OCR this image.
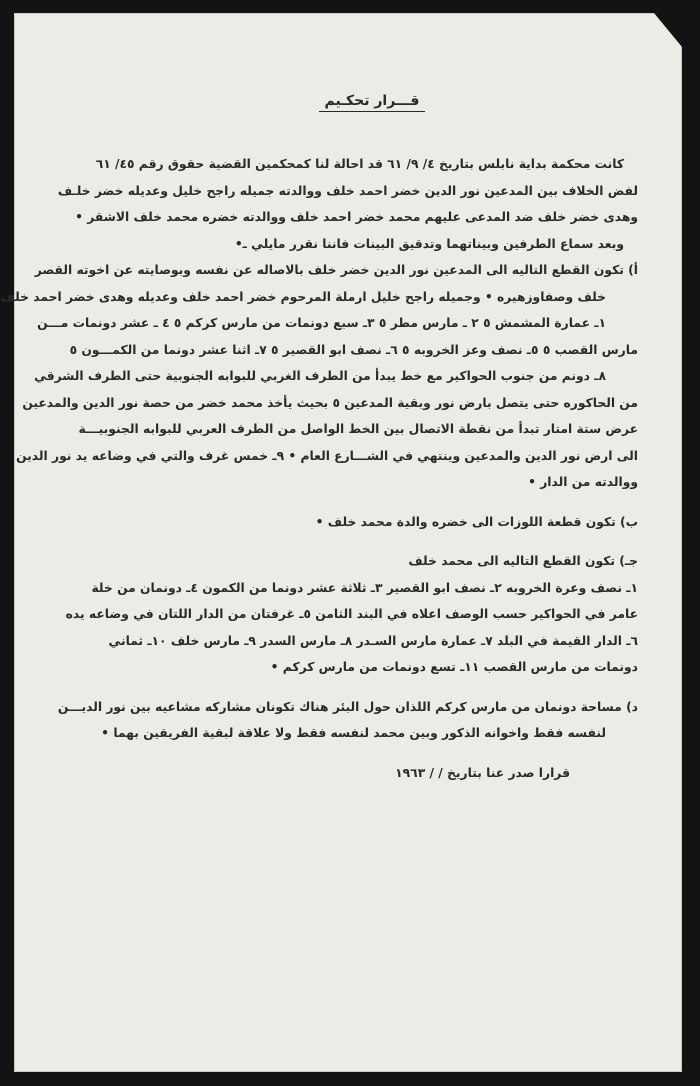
قـــرار تحكـيم
كانت محكمة بداية نابلس بتاريخ ٤/ ٩/ ٦١ قد احالة لنا كمحكمين القضية حقوق رقم ٤٥/ ٦١
لفض الخلاف بين المدعين نور الدين خضر احمد خلف ووالدته جميله راجح خليل وعديله خضر خلـف
وهدى خضر خلف ضد المدعى عليهم محمد خضر احمد خلف ووالدته خضره محمد خلف الاشقر •
وبعد سماع الطرفين وبيناتهما وتدقيق البينات فاننا نقرر مايلي ـ•
أ) تكون القطع التاليه الى المدعين نور الدين خضر خلف بالاصاله عن نفسه وبوصايته عن اخوته القصر
خلف وصفاوزهيره • وجميله راجح خليل ارملة المرحوم خضر احمد خلف وعديله وهدى خضر احمد خلف
١ـ عمارة المشمش ٥ ٢ ـ مارس مطر ٥ ٣ـ سبع دونمات من مارس كركم ٥ ٤ ـ عشر دونمات مـــن
مارس القصب ٥ ٥ـ نصف وعز الخروبه ٥ ٦ـ نصف ابو القصير ٥ ٧ـ اثنا عشر دونما من الكمـــون ٥
٨ـ دونم من جنوب الحواكير مع خط يبدأ من الطرف الغربي للبوابه الجنوبية حتى الطرف الشرقي
من الحاكوره حتى يتصل بارض نور وبقية المدعين ٥ بحيث يأخذ محمد خضر من حصة نور الدين والمدعين
عرض ستة امتار تبدأ من نقطة الاتصال بين الخط الواصل من الطرف العربي للبوابه الجنوبيـــة
الى ارض نور الدين والمدعين وينتهي في الشـــارع العام • ٩ـ خمس غرف والتي في وضاعه يد نور الدين
ووالدته من الدار •
ب) تكون قطعة اللوزات الى خضره والدة محمد خلف •
جـ) تكون القطع التاليه الى محمد خلف
١ـ نصف وعرة الخروبه ٢ـ نصف ابو القصير ٣ـ ثلاثة عشر دونما من الكمون ٤ـ دونمان من خلة
عامر في الحواكير حسب الوصف اعلاه في البند الثامن ٥ـ غرفتان من الدار اللتان في وضاعه يده
٦ـ الدار القيمة في البلد ٧ـ عمارة مارس السـدر ٨ـ مارس السدر ٩ـ مارس خلف ١٠ـ ثماني
دونمات من مارس القصب ١١ـ تسع دونمات من مارس كركم •
د) مساحة دونمان من مارس كركم اللذان حول البئر هناك تكونان مشاركه مشاعيه بين نور الديـــن
لنفسه فقط واخوانه الذكور وبين محمد لنفسه فقط ولا علاقة لبقية الفريقين بهما •
قرارا صدر عنا بتاريخ / / ١٩٦٣
